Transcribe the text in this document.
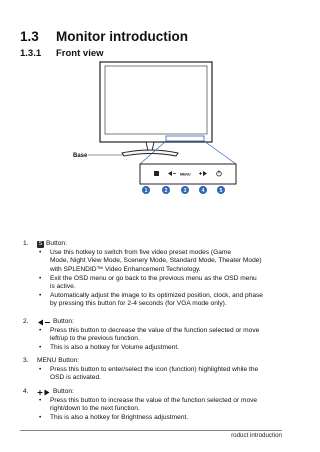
1.3 Monitor introduction
1.3.1 Front view
Base
MENU
1	2	3	4	5
1.	S Button:
•	Use this hotkey to switch from five video preset modes (Game
Mode, Night View Mode, Scenery Mode, Standard Mode, Theater Mode)
with SPLENDID™ Video Enhancement Technology.
•	Exit the OSD menu or go back to the previous menu as the OSD menu
is active.
•	Automatically adjust the image to its optimized position, clock, and phase
by pressing this button for 2-4 seconds (for VGA mode only).
2.	Button:
•	Press this button to decrease the value of the function selected or move
left/up to the previous function.
•	This is also a hotkey for Volume adjustment.
3. MENU Button:
•	Press this button to enter/select the icon (function) highlighted while the
OSD is activated.
4.	Button:
•	Press this button to increase the value of the function selected or move
right/down to the next function.
•	This is also a hotkey for Brightness adjustment.
roduct introduction
